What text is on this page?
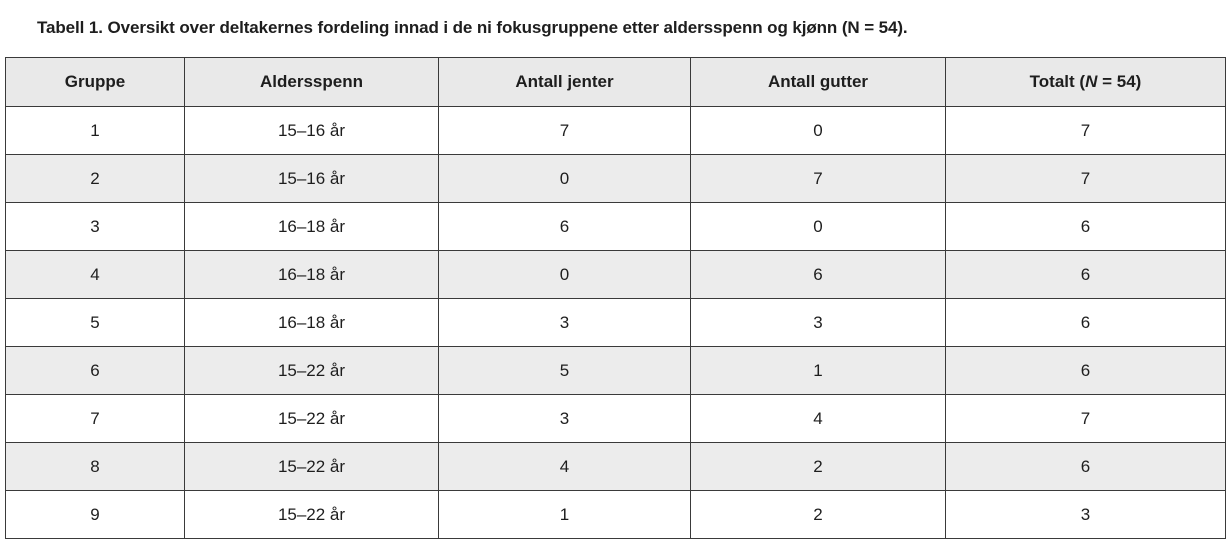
Tabell 1. Oversikt over deltakernes fordeling innad i de ni fokusgruppene etter aldersspenn og kjønn (N = 54).
Gruppe	Aldersspenn	Antall jenter	Antall gutter	Totalt (N = 54)
1	15–16 år	7	0	7
2	15–16 år	0	7	7
3	16–18 år	6	0	6
4	16–18 år	0	6	6
5	16–18 år	3	3	6
6	15–22 år	5	1	6
7	15–22 år	3	4	7
8	15–22 år	4	2	6
9	15–22 år	1	2	3
